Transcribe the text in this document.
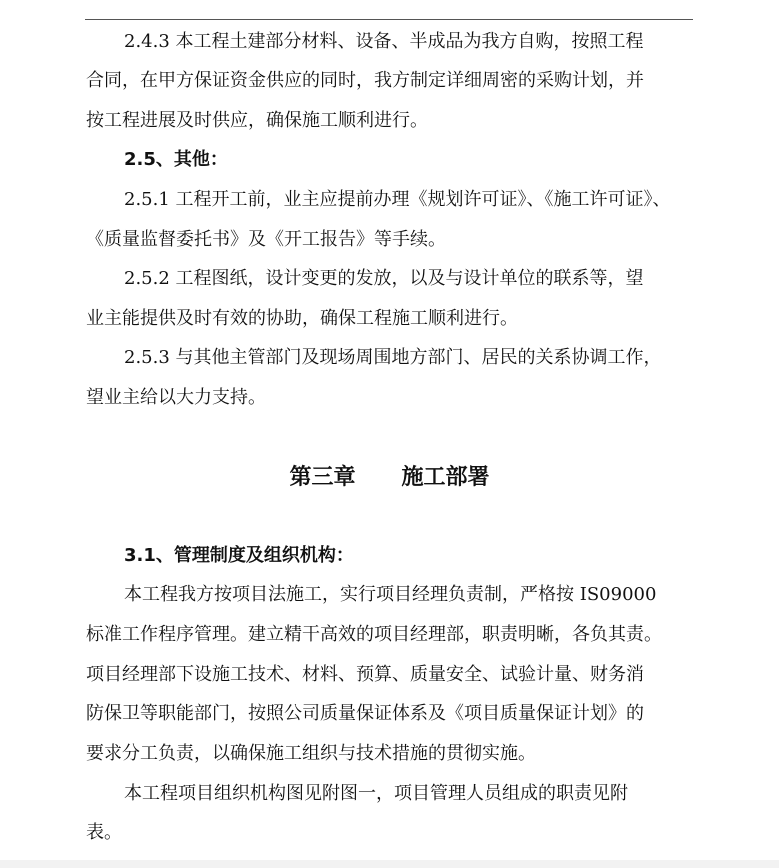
2.4.3 本工程土建部分材料、设备、半成品为我方自购，按照工程
合同，在甲方保证资金供应的同时，我方制定详细周密的采购计划，并
按工程进展及时供应，确保施工顺利进行。
2.5、其他：
2.5.1 工程开工前，业主应提前办理《规划许可证》、《施工许可证》、
《质量监督委托书》及《开工报告》等手续。
2.5.2 工程图纸，设计变更的发放，以及与设计单位的联系等，望
业主能提供及时有效的协助，确保工程施工顺利进行。
2.5.3 与其他主管部门及现场周围地方部门、居民的关系协调工作，
望业主给以大力支持。
第三章      施工部署
3.1、管理制度及组织机构：
本工程我方按项目法施工，实行项目经理负责制，严格按 IS09000
标准工作程序管理。建立精干高效的项目经理部，职责明晰，各负其责。
项目经理部下设施工技术、材料、预算、质量安全、试验计量、财务消
防保卫等职能部门，按照公司质量保证体系及《项目质量保证计划》的
要求分工负责，以确保施工组织与技术措施的贯彻实施。
本工程项目组织机构图见附图一，项目管理人员组成的职责见附
表。
